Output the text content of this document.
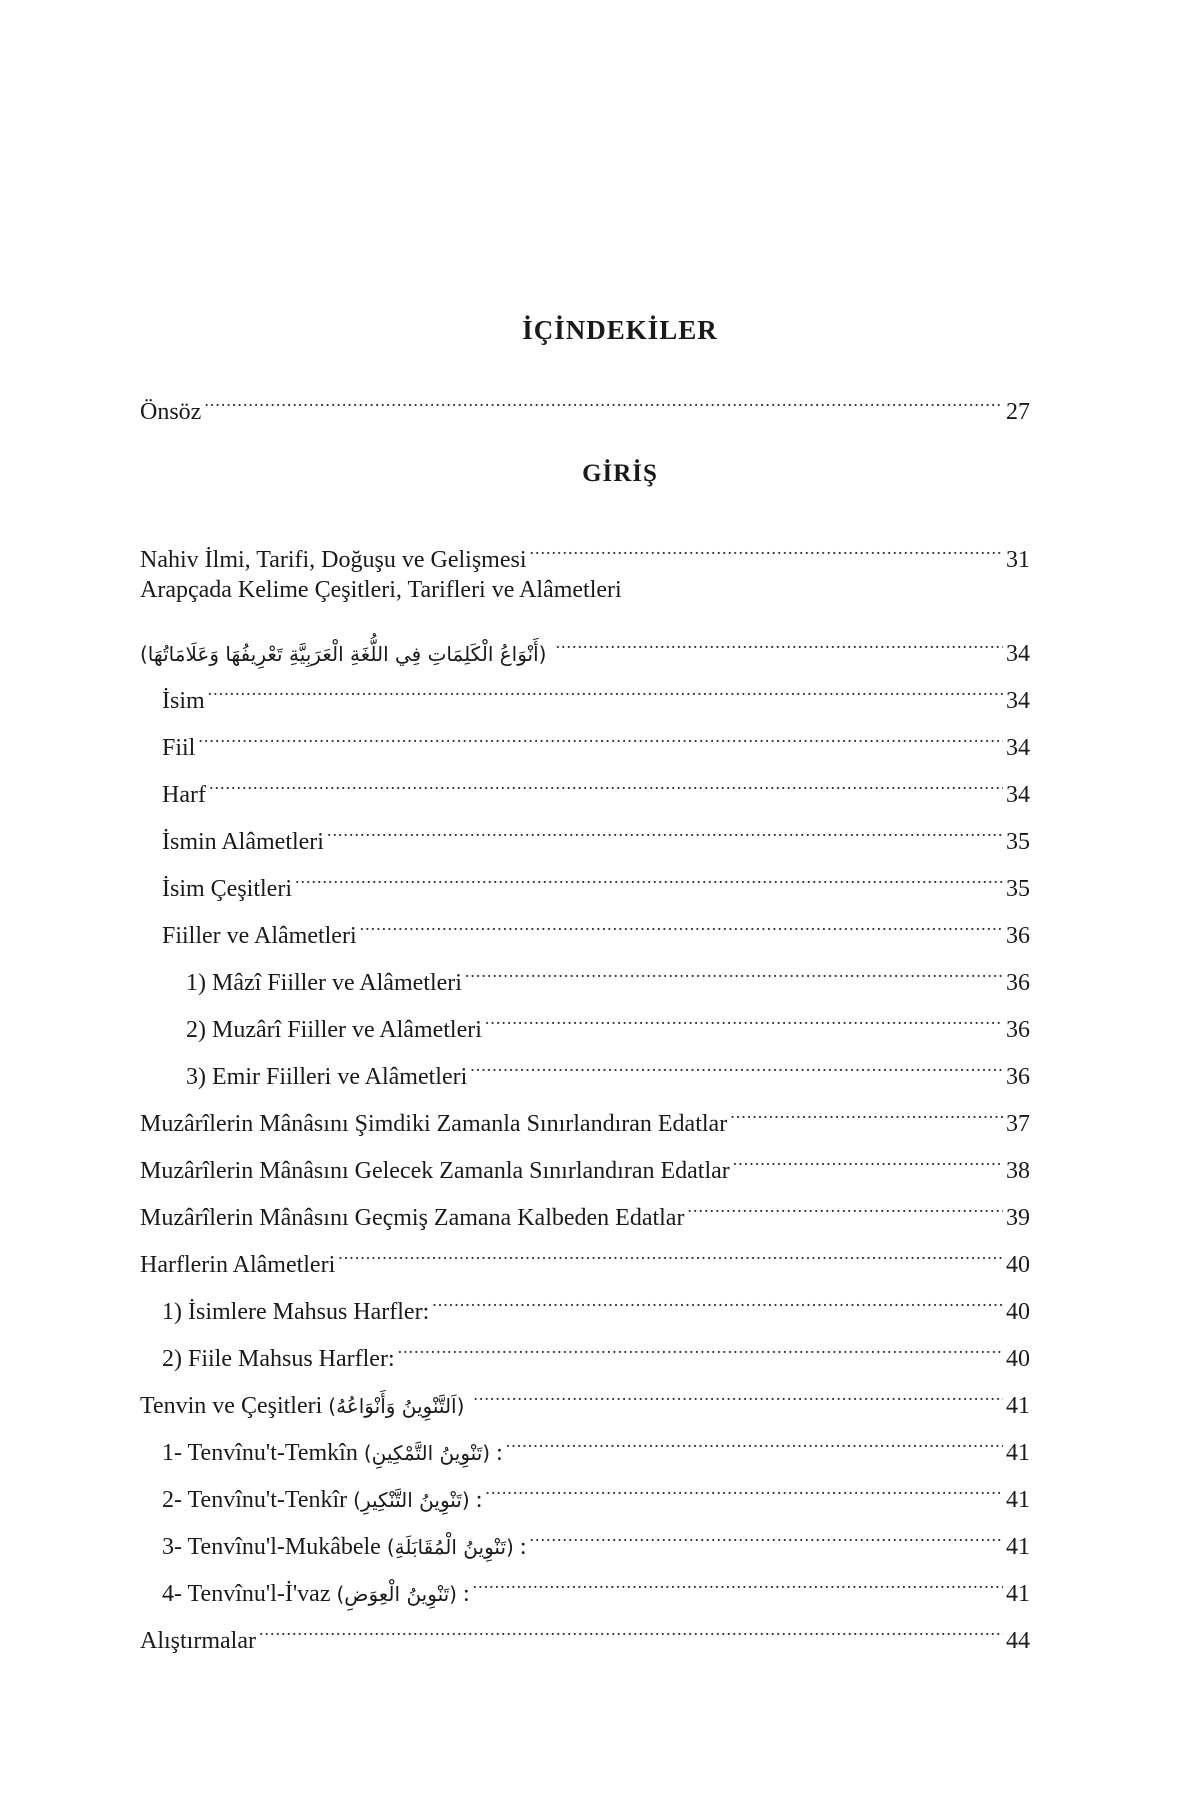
İÇİNDEKİLER
Önsöz .....	27
GİRİŞ
Nahiv İlmi, Tarifi, Doğuşu ve Gelişmesi .....	31
Arapçada Kelime Çeşitleri, Tarifleri ve Alâmetleri
(أَنْوَاعُ الْكَلِمَاتِ فِي اللُّغَةِ الْعَرَبِيَّةِ تَعْرِيفُهَا وَعَلَامَاتُهَا) .....	34
İsim .....	34
Fiil .....	34
Harf .....	34
İsmin Alâmetleri .....	35
İsim Çeşitleri .....	35
Fiiller ve Alâmetleri .....	36
1) Mâzî Fiiller ve Alâmetleri .....	36
2) Muzârî Fiiller ve Alâmetleri .....	36
3) Emir Fiilleri ve Alâmetleri .....	36
Muzârîlerin Mânâsını Şimdiki Zamanla Sınırlandıran Edatlar .....	37
Muzârîlerin Mânâsını Gelecek Zamanla Sınırlandıran Edatlar .....	38
Muzârîlerin Mânâsını Geçmiş Zamana Kalbeden Edatlar .....	39
Harflerin Alâmetleri .....	40
1) İsimlere Mahsus Harfler: .....	40
2) Fiile Mahsus Harfler: .....	40
Tenvin ve Çeşitleri (اَلتَّنْوِينُ وَأَنْوَاعُهُ) .....	41
1- Tenvînu't-Temkîn (تَنْوِينُ التَّمْكِينِ) : .....	41
2- Tenvînu't-Tenkîr (تَنْوِينُ التَّنْكِيرِ) : .....	41
3- Tenvînu'l-Mukâbele (تَنْوِينُ الْمُقَابَلَةِ) : .....	41
4- Tenvînu'l-İ'vaz (تَنْوِينُ الْعِوَضِ) : .....	41
Alıştırmalar .....	44
